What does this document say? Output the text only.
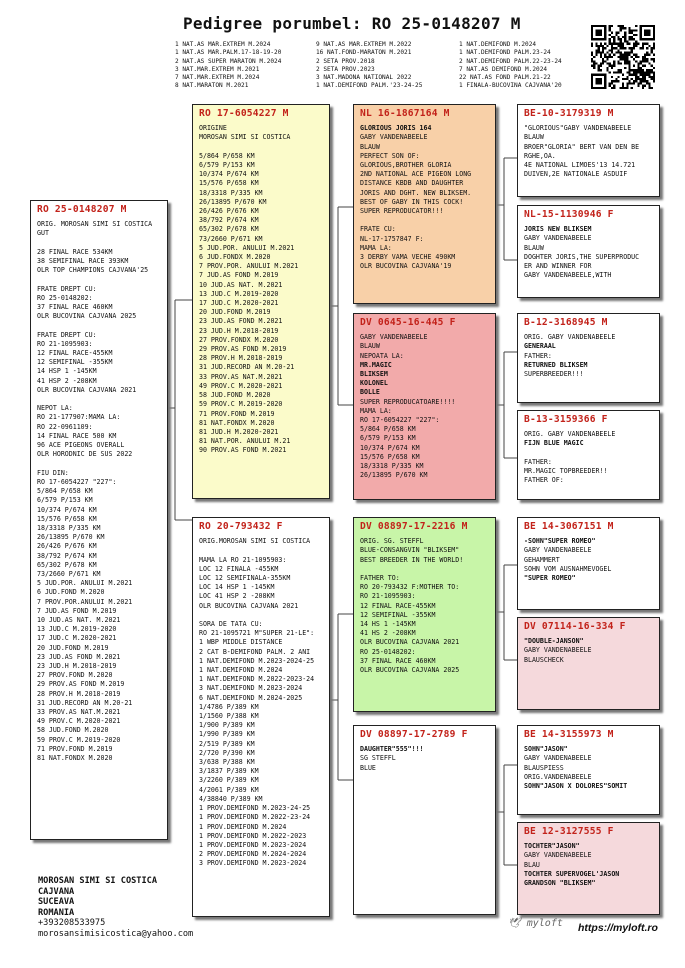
Pedigree porumbel: RO 25-0148207 M
1 NAT.AS MAR.EXTREM M.2024
1 NAT.AS MAR.PALM.17-18-19-20
2 NAT.AS SUPER MARATON M.2024
3 NAT.MAR.EXTREM M.2021
7 NAT.MAR.EXTREM M.2024
8 NAT.MARATON M.2021
9 NAT.AS MAR.EXTREM M.2022
16 NAT.FOND-MARATON M.2021
2 SETA PROV.2018
2 SETA PROV.2023
3 NAT.MADONA NATIONAL 2022
1 NAT.DEMIFOND PALM.'23-24-25
1 NAT.DEMIFOND M.2024
1 NAT.DEMIFOND PALM.23-24
2 NAT.DEMIFOND PALM.22-23-24
7 NAT.AS DEMIFOND M.2024
22 NAT.AS FOND PALM.21-22
1 FINALA-BUCOVINA CAJVANA'20
RO 25-0148207 M
ORIG. MOROSAN SIMI SI COSTICA
GUT

28 FINAL RACE 534KM
38 SEMIFINAL RACE 393KM
OLR TOP CHAMPIONS CAJVANA'25

FRATE DREPT CU:
RO 25-0148202:
37 FINAL RACE 460KM
OLR BUCOVINA CAJVANA 2025

FRATE DREPT CU:
RO 21-1095903:
12 FINAL RACE-455KM
12 SEMIFINAL -355KM
14 HSP 1 -145KM
41 HSP 2 -208KM
OLR BUCOVINA CAJVANA 2021

NEPOT LA:
RO 21-177907:MAMA LA:
RO 22-0961109:
14 FINAL RACE 500 KM
96 ACE PIGEONS OVERALL
OLR HORODNIC DE SUS 2022

FIU DIN:
RO 17-6054227 "227":
5/864 P/658 KM
6/579 P/153 KM
10/374 P/674 KM
15/576 P/658 KM
18/3318 P/335 KM
26/13895 P/670 KM
26/426 P/676 KM
38/792 P/674 KM
65/302 P/678 KM
73/2660 P/671 KM
5 JUD.POR. ANULUI M.2021
6 JUD.FOND M.2020
7 PROV.POR.ANULUI M.2021
7 JUD.AS FOND M.2019
10 JUD.AS NAT. M.2021
13 JUD.C M.2019-2020
17 JUD.C M.2020-2021
20 JUD.FOND M.2019
23 JUD.AS FOND M.2021
23 JUD.H M.2018-2019
27 PROV.FOND M.2020
29 PROV.AS FOND M.2019
28 PROV.H M.2018-2019
31 JUD.RECORD AN M.20-21
33 PROV.AS NAT.M.2021
49 PROV.C M.2020-2021
58 JUD.FOND M.2020
59 PROV.C M.2019-2020
71 PROV.FOND M.2019
81 NAT.FONDX M.2020
RO 17-6054227 M
ORIGINE
MOROSAN SIMI SI COSTICA

5/864 P/658 KM
6/579 P/153 KM
10/374 P/674 KM
15/576 P/658 KM
18/3318 P/335 KM
26/13895 P/670 KM
26/426 P/676 KM
38/792 P/674 KM
65/302 P/678 KM
73/2660 P/671 KM
5 JUD.POR. ANULUI M.2021
6 JUD.FONDX M.2020
7 PROV.POR. ANULUI M.2021
7 JUD.AS FOND M.2019
10 JUD.AS NAT. M.2021
13 JUD.C M.2019-2020
17 JUD.C M.2020-2021
20 JUD.FOND M.2019
23 JUD.AS FOND M.2021
23 JUD.H M.2018-2019
27 PROV.FONDX M.2020
29 PROV.AS FOND M.2019
28 PROV.H M.2018-2019
31 JUD.RECORD AN M.20-21
33 PROV.AS NAT.M.2021
49 PROV.C M.2020-2021
58 JUD.FOND M.2020
59 PROV.C M.2019-2020
71 PROV.FOND M.2019
81 NAT.FONDX M.2020
81 JUD.H M.2020-2021
81 NAT.POR. ANULUI M.21
90 PROV.AS FOND M.2021
RO 20-793432 F
ORIG.MOROSAN SIMI SI COSTICA

MAMA LA RO 21-1095903:
LOC 12 FINALA -455KM
LOC 12 SEMIFINALA-355KM
LOC 14 HSP 1 -145KM
LOC 41 HSP 2 -208KM
OLR BUCOVINA CAJVANA 2021

SORA DE TATA CU:
RO 21-1095721 M"SUPER 21-LE":
1 WBP MIDDLE DISTANCE
2 CAT B-DEMIFOND PALM. 2 ANI
1 NAT.DEMIFOND M.2023-2024-25
1 NAT.DEMIFOND M.2024
1 NAT.DEMIFOND M.2022-2023-24
3 NAT.DEMIFOND M.2023-2024
6 NAT.DEMIFOND M.2024-2025
1/4786 P/389 KM
1/1560 P/388 KM
1/900 P/389 KM
1/990 P/389 KM
2/519 P/389 KM
2/720 P/390 KM
3/638 P/388 KM
3/1837 P/389 KM
3/2260 P/389 KM
4/2061 P/389 KM
4/38840 P/389 KM
1 PROV.DEMIFOND M.2023-24-25
1 PROV.DEMIFOND M.2022-23-24
1 PROV.DEMIFOND M.2024
1 PROV.DEMIFOND M.2022-2023
1 PROV.DEMIFOND M.2023-2024
2 PROV.DEMIFOND M.2024-2024
3 PROV.DEMIFOND M.2023-2024
NL 16-1867164 M
GLORIOUS JORIS 164
GABY VANDENABEELE
BLAUW
PERFECT SON OF:
GLORIOUS,BROTHER GLORIA
2ND NATIONAL ACE PIGEON LONG
DISTANCE KBDB AND DAUGHTER
JORIS AND DGHT. NEW BLIKSEM.
BEST OF GABY IN THIS COCK!
SUPER REPRODUCATOR!!!

FRATE CU:
NL-17-1757847 F:
MAMA LA:
3 DERBY VAMA VECHE 490KM
OLR BUCOVINA CAJVANA'19
DV 0645-16-445 F
GABY VANDENABEELE
BLAUW
NEPOATA LA:
MR.MAGIC
BLIKSEM
KOLONEL
BOLLE
SUPER REPRODUCATOARE!!!!
MAMA LA:
RO 17-6054227 "227":
5/864 P/658 KM
6/579 P/153 KM
10/374 P/674 KM
15/576 P/658 KM
18/3318 P/335 KM
26/13895 P/670 KM
DV 08897-17-2216 M
ORIG. SG. STEFFL
BLUE-CONSANGVIN "BLIKSEM"
BEST BREEDER IN THE WORLD!

FATHER TO:
RO 20-793432 F:MOTHER TO:
RO 21-1095903:
12 FINAL RACE-455KM
12 SEMIFINAL -355KM
14 HS 1 -145KM
41 HS 2 -208KM
OLR BUCOVINA CAJVANA 2021
RO 25-0148202:
37 FINAL RACE 460KM
OLR BUCOVINA CAJVANA 2025
DV 08897-17-2789 F
DAUGHTER"555"!!!
SG STEFFL
BLUE
BE-10-3179319 M
"GLORIOUS"GABY VANDENABEELE
BLAUW
BROER"GLORIA" BERT VAN DEN BE
RGHE,OA.
4E NATIONAL LIMOES'13 14.721
DUIVEN,2E NATIONALE ASDUIF
NL-15-1130946 F
JORIS NEW BLIKSEM
GABY VANDENABEELE
BLAUW
DOGHTER JORIS,THE SUPERPRODUC
ER AND WINNER FOR
GABY VANDENABEELE,WITH
B-12-3168945 M
ORIG. GABY VANDENABEELE
GENERAAL
FATHER:
RETURNED BLIKSEM
SUPERBREEDER!!!
B-13-3159366 F
ORIG. GABY VANDENABEELE
FIJN BLUE MAGIC

FATHER:
MR.MAGIC TOPBREEDER!!
FATHER OF:
BE 14-3067151 M
-SOHN"SUPER ROMEO"
GABY VANDENABEELE
GEHAMMERT
SOHN VOM AUSNAHMEVOGEL
"SUPER ROMEO"
DV 07114-16-334 F
"DOUBLE-JANSON"
GABY VANDENABEELE
BLAUSCHECK
BE 14-3155973 M
SOHN"JASON"
GABY VANDENABEELE
BLAUSPIESS
ORIG.VANDENABEELE
SOHN"JASON X DOLORES"SOMIT
BE 12-3127555 F
TOCHTER"JASON"
GABY VANDENABEELE
BLAU
TOCHTER SUPERVOGEL'JASON
GRANDSON "BLIKSEM"
MOROSAN SIMI SI COSTICA
CAJVANA
SUCEAVA
ROMANIA
+393208533975
morosansimisicostica@yahoo.com
🕊 myloft https://myloft.ro
